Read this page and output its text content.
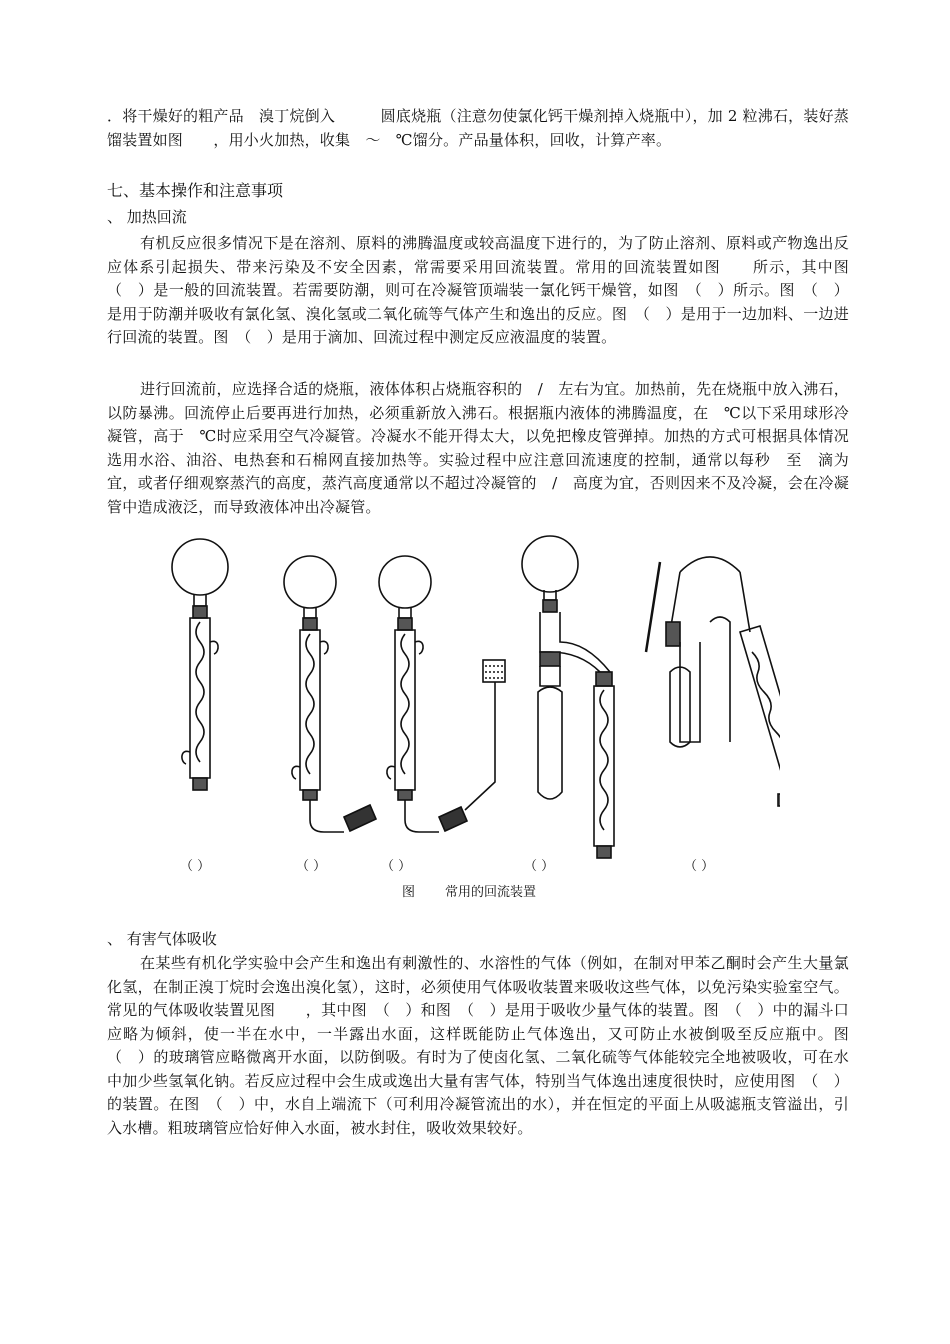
．将干燥好的粗产品　溴丁烷倒入　　　圆底烧瓶（注意勿使氯化钙干燥剂掉入烧瓶中），加 2 粒沸石，装好蒸馏装置如图　　，用小火加热，收集　～　℃馏分。产品量体积，回收，计算产率。
七、基本操作和注意事项
、 加热回流
有机反应很多情况下是在溶剂、原料的沸腾温度或较高温度下进行的，为了防止溶剂、原料或产物逸出反应体系引起损失、带来污染及不安全因素，常需要采用回流装置。常用的回流装置如图　　所示，其中图　（　）是一般的回流装置。若需要防潮，则可在冷凝管顶端装一氯化钙干燥管，如图　（　）所示。图　（　）是用于防潮并吸收有氯化氢、溴化氢或二氧化硫等气体产生和逸出的反应。图　（　）是用于一边加料、一边进行回流的装置。图　（　）是用于滴加、回流过程中测定反应液温度的装置。
进行回流前，应选择合适的烧瓶，液体体积占烧瓶容积的　/　左右为宜。加热前，先在烧瓶中放入沸石，以防暴沸。回流停止后要再进行加热，必须重新放入沸石。根据瓶内液体的沸腾温度，在　℃以下采用球形冷凝管，高于　℃时应采用空气冷凝管。冷凝水不能开得太大，以免把橡皮管弹掉。加热的方式可根据具体情况选用水浴、油浴、电热套和石棉网直接加热等。实验过程中应注意回流速度的控制，通常以每秒　至　滴为宜，或者仔细观察蒸汽的高度，蒸汽高度通常以不超过冷凝管的　/　高度为宜，否则因来不及冷凝，会在冷凝管中造成液泛，而导致液体冲出冷凝管。
（ ）	（ ）	（ ）	（ ）	（ ）
图 常用的回流装置
、 有害气体吸收
在某些有机化学实验中会产生和逸出有刺激性的、水溶性的气体（例如，在制对甲苯乙酮时会产生大量氯化氢，在制正溴丁烷时会逸出溴化氢），这时，必须使用气体吸收装置来吸收这些气体，以免污染实验室空气。常见的气体吸收装置见图　　，其中图　（　）和图　（　）是用于吸收少量气体的装置。图　（　）中的漏斗口应略为倾斜，使一半在水中，一半露出水面，这样既能防止气体逸出，又可防止水被倒吸至反应瓶中。图　（　）的玻璃管应略微离开水面，以防倒吸。有时为了使卤化氢、二氧化硫等气体能较完全地被吸收，可在水中加少些氢氧化钠。若反应过程中会生成或逸出大量有害气体，特别当气体逸出速度很快时，应使用图　（　）的装置。在图　（　）中，水自上端流下（可利用冷凝管流出的水），并在恒定的平面上从吸滤瓶支管溢出，引入水槽。粗玻璃管应恰好伸入水面，被水封住，吸收效果较好。
